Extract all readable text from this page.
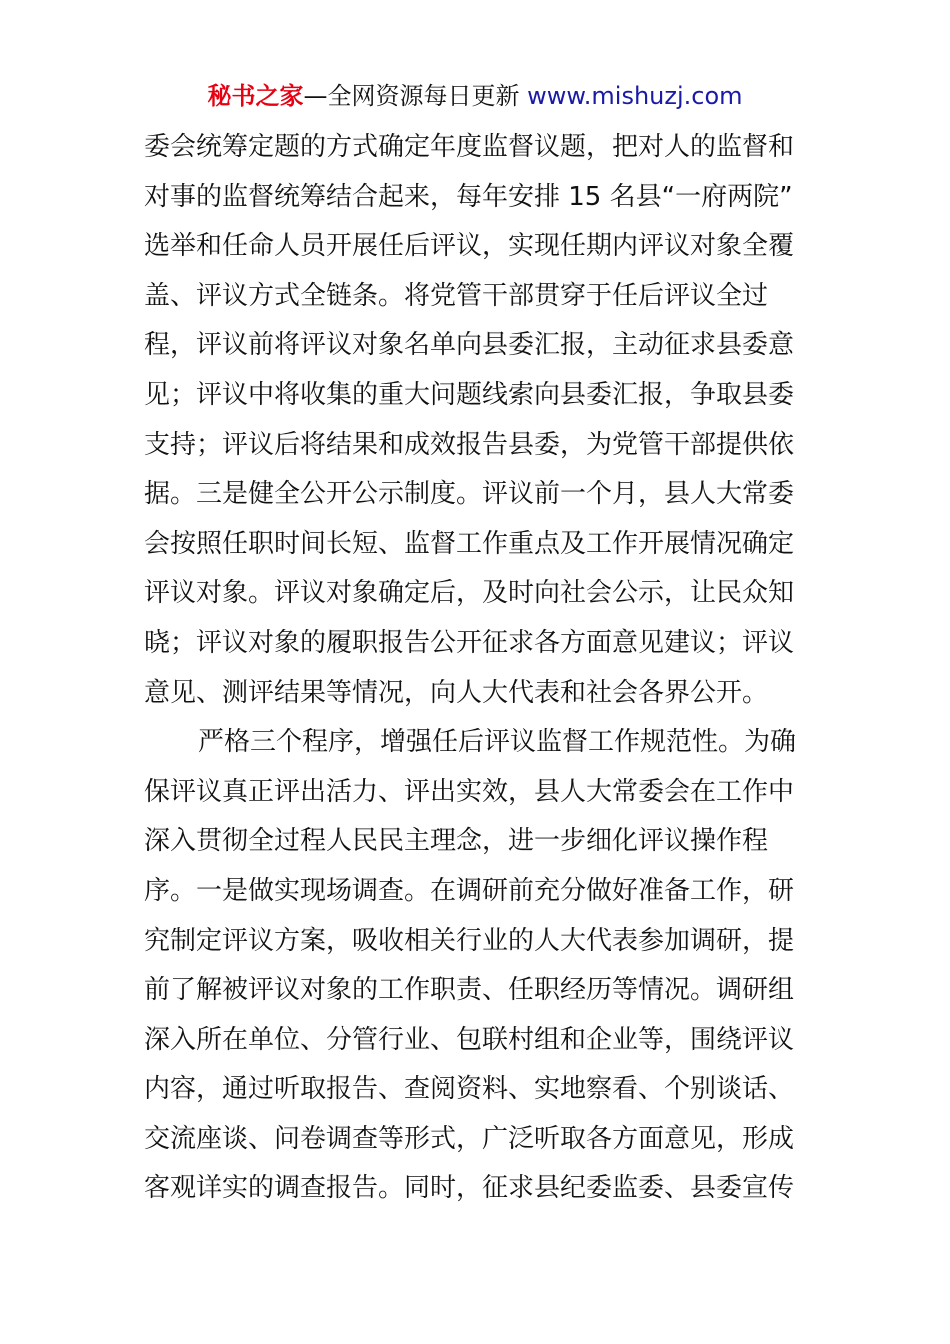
秘书之家—全网资源每日更新 www.mishuzj.com
委会统筹定题的方式确定年度监督议题，把对人的监督和
对事的监督统筹结合起来，每年安排 15 名县“一府两院”
选举和任命人员开展任后评议，实现任期内评议对象全覆
盖、评议方式全链条。将党管干部贯穿于任后评议全过
程，评议前将评议对象名单向县委汇报，主动征求县委意
见；评议中将收集的重大问题线索向县委汇报，争取县委
支持；评议后将结果和成效报告县委，为党管干部提供依
据。三是健全公开公示制度。评议前一个月，县人大常委
会按照任职时间长短、监督工作重点及工作开展情况确定
评议对象。评议对象确定后，及时向社会公示，让民众知
晓；评议对象的履职报告公开征求各方面意见建议；评议
意见、测评结果等情况，向人大代表和社会各界公开。
严格三个程序，增强任后评议监督工作规范性。为确
保评议真正评出活力、评出实效，县人大常委会在工作中
深入贯彻全过程人民民主理念，进一步细化评议操作程
序。一是做实现场调查。在调研前充分做好准备工作，研
究制定评议方案，吸收相关行业的人大代表参加调研，提
前了解被评议对象的工作职责、任职经历等情况。调研组
深入所在单位、分管行业、包联村组和企业等，围绕评议
内容，通过听取报告、查阅资料、实地察看、个别谈话、
交流座谈、问卷调查等形式，广泛听取各方面意见，形成
客观详实的调查报告。同时，征求县纪委监委、县委宣传
